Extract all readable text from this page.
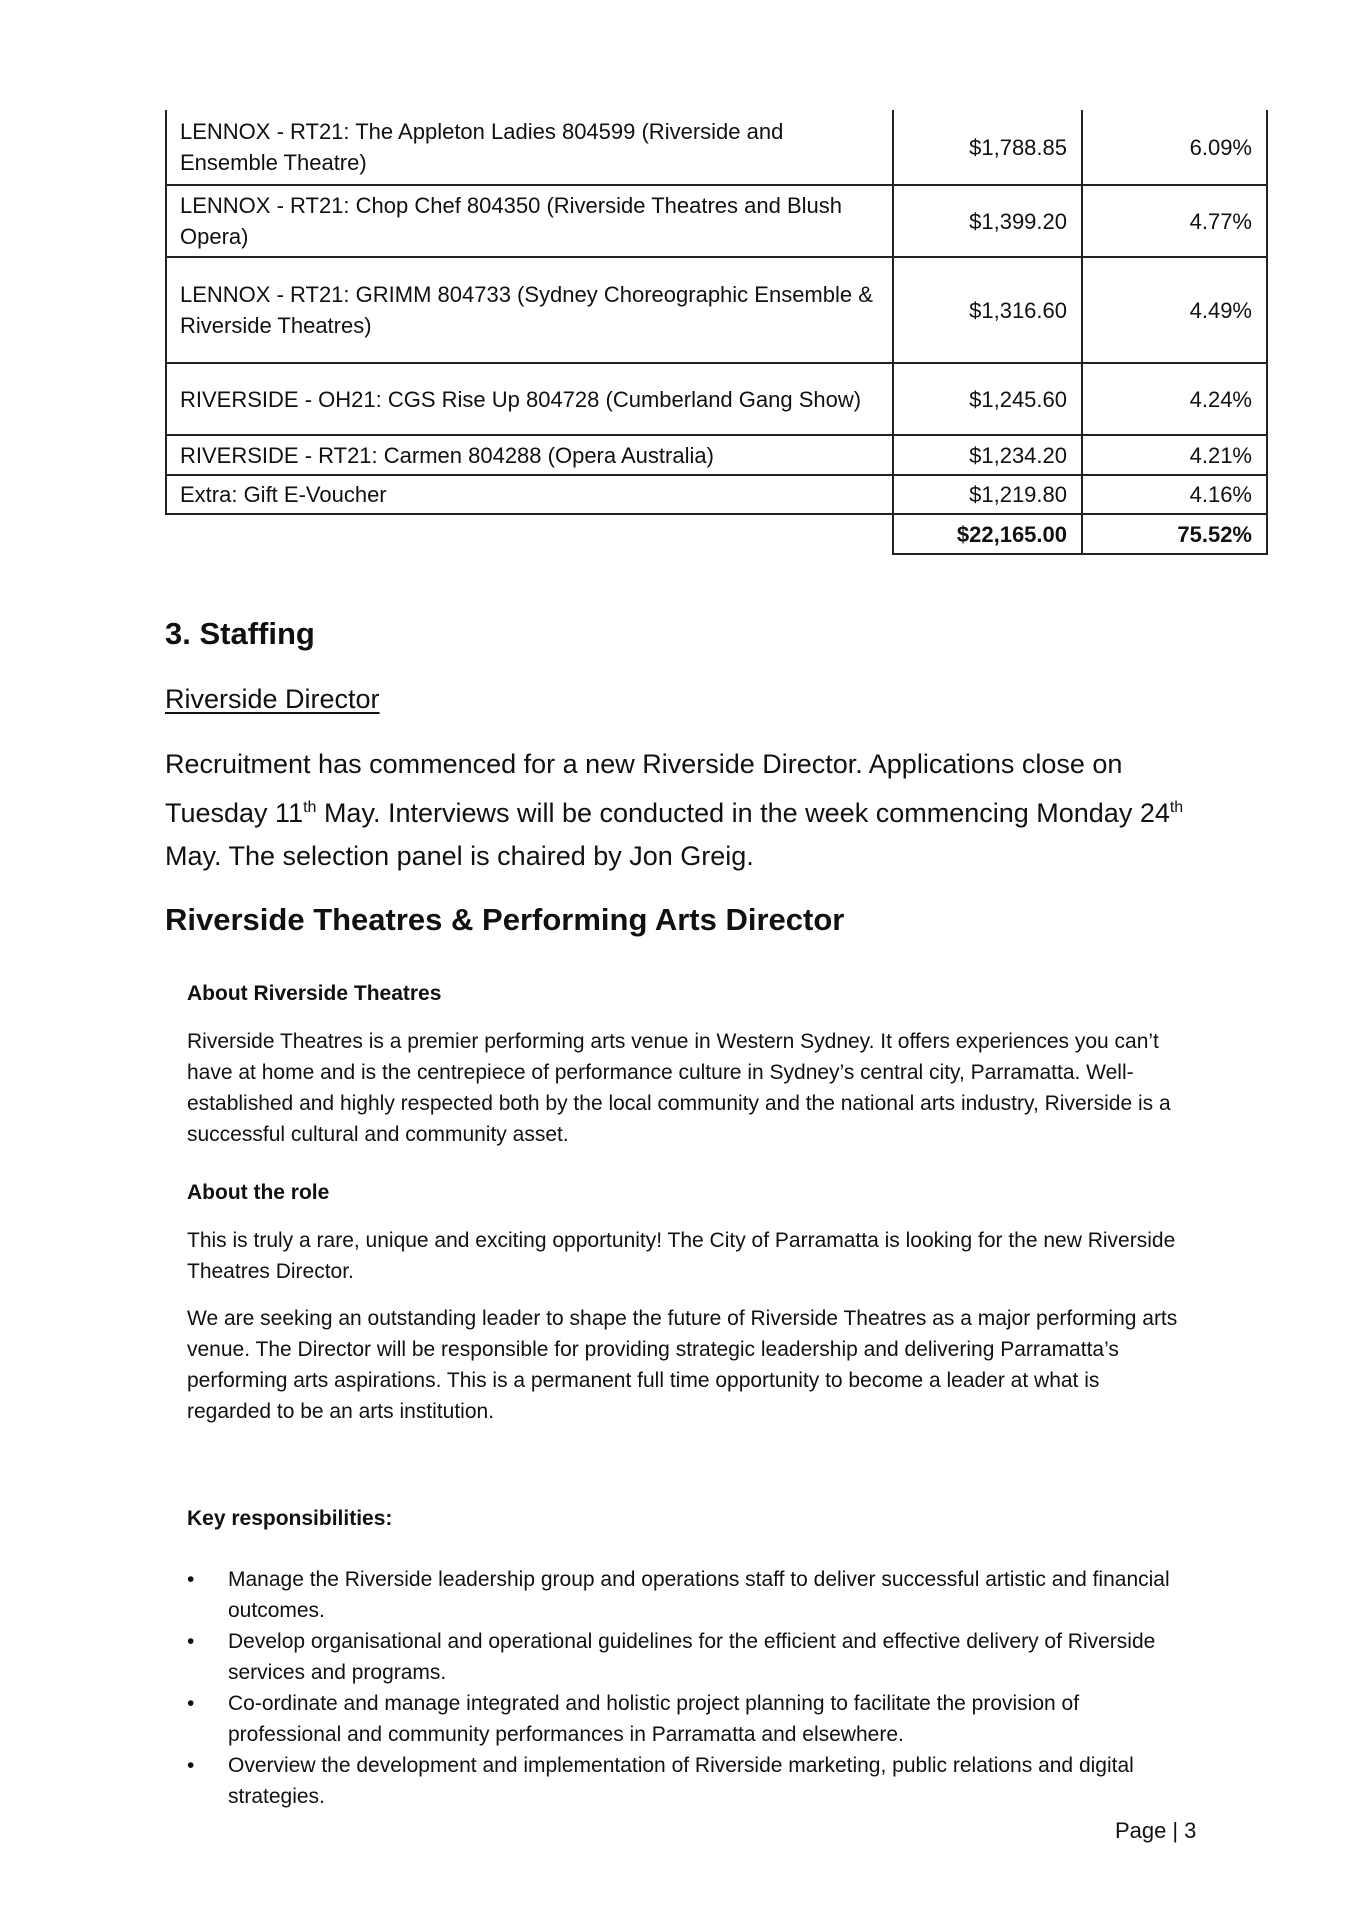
LENNOX - RT21: The Appleton Ladies 804599 (Riverside and Ensemble Theatre)	$1,788.85	6.09%
LENNOX - RT21: Chop Chef 804350 (Riverside Theatres and Blush Opera)	$1,399.20	4.77%
LENNOX - RT21: GRIMM 804733 (Sydney Choreographic Ensemble & Riverside Theatres)	$1,316.60	4.49%
RIVERSIDE - OH21: CGS Rise Up 804728 (Cumberland Gang Show)	$1,245.60	4.24%
RIVERSIDE - RT21: Carmen 804288 (Opera Australia)	$1,234.20	4.21%
Extra: Gift E-Voucher	$1,219.80	4.16%
	$22,165.00	75.52%
3. Staffing
Riverside Director

Recruitment has commenced for a new Riverside Director. Applications close on Tuesday 11th May. Interviews will be conducted in the week commencing Monday 24th May. The selection panel is chaired by Jon Greig.

Riverside Theatres & Performing Arts Director
About Riverside Theatres

Riverside Theatres is a premier performing arts venue in Western Sydney. It offers experiences you can’t have at home and is the centrepiece of performance culture in Sydney’s central city, Parramatta. Well-established and highly respected both by the local community and the national arts industry, Riverside is a successful cultural and community asset.

About the role

This is truly a rare, unique and exciting opportunity! The City of Parramatta is looking for the new Riverside Theatres Director.

We are seeking an outstanding leader to shape the future of Riverside Theatres as a major performing arts venue. The Director will be responsible for providing strategic leadership and delivering Parramatta’s performing arts aspirations. This is a permanent full time opportunity to become a leader at what is regarded to be an arts institution.

Key responsibilities:
• Manage the Riverside leadership group and operations staff to deliver successful artistic and financial outcomes.
• Develop organisational and operational guidelines for the efficient and effective delivery of Riverside services and programs.
• Co-ordinate and manage integrated and holistic project planning to facilitate the provision of professional and community performances in Parramatta and elsewhere.
• Overview the development and implementation of Riverside marketing, public relations and digital strategies.
Page | 3
